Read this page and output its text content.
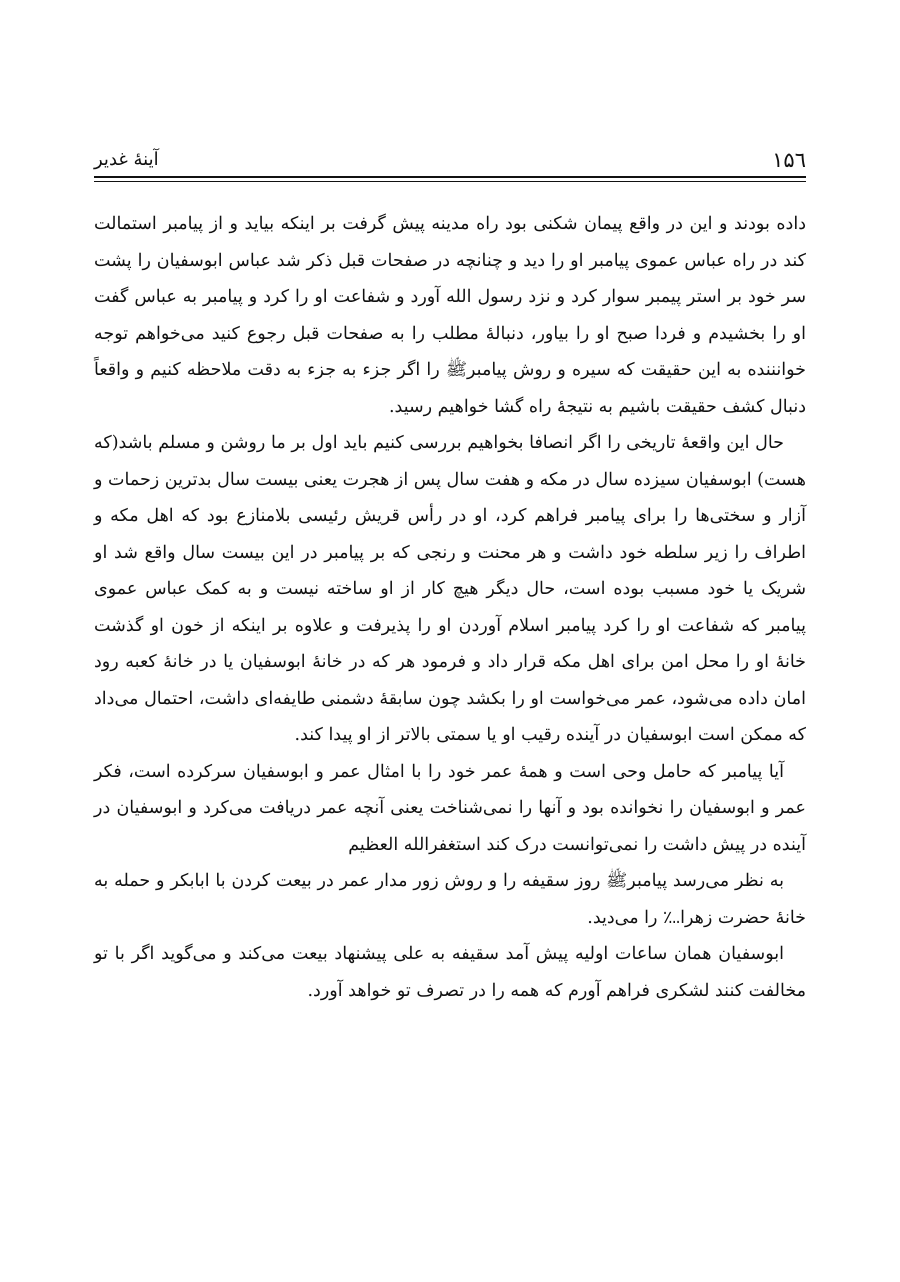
۱۵٦
آینۀ غدیر

داده بودند و این در واقع پیمان شکنی بود راه مدینه پیش گرفت بر اینکه بیاید و از پیامبر استمالت کند در راه عباس عموی پیامبر او را دید و چنانچه در صفحات قبل ذکر شد عباس ابوسفیان را پشت سر خود بر استر پیمبر سوار کرد و نزد رسول الله آورد و شفاعت او را کرد و پیامبر به عباس گفت او را بخشیدم و فردا صبح او را بیاور، دنبالۀ مطلب را به صفحات قبل رجوع کنید می‌خواهم توجه خوانننده به این حقیقت که سیره و روش پیامبرﷺ را اگر جزء به جزء به دقت ملاحظه کنیم و واقعاً دنبال کشف حقیقت باشیم به نتیجۀ راه گشا خواهیم رسید.

حال این واقعۀ تاریخی را اگر انصافا بخواهیم بررسی کنیم باید اول بر ما روشن و مسلم باشد(که هست) ابوسفیان سیزده سال در مکه و هفت سال پس از هجرت یعنی بیست سال بدترین زحمات و آزار و سختی‌ها را برای پیامبر فراهم کرد، او در رأس قریش رئیسی بلامنازع بود که اهل مکه و اطراف را زیر سلطه خود داشت و هر محنت و رنجی که بر پیامبر در این بیست سال واقع شد او شریک یا خود مسبب بوده است، حال دیگر هیچ کار از او ساخته نیست و به کمک عباس عموی پیامبر که شفاعت او را کرد پیامبر اسلام آوردن او را پذیرفت و علاوه بر اینکه از خون او گذشت خانۀ او را محل امن برای اهل مکه قرار داد و فرمود هر که در خانۀ ابوسفیان یا در خانۀ کعبه رود امان داده می‌شود، عمر می‌خواست او را بکشد چون سابقۀ دشمنی طایفه‌ای داشت، احتمال می‌داد که ممکن است ابوسفیان در آینده رقیب او یا سمتی بالاتر از او پیدا کند.

آیا پیامبر که حامل وحی است و همۀ عمر خود را با امثال عمر و ابوسفیان سرکرده است، فکر عمر و ابوسفیان را نخوانده بود و آنها را نمی‌شناخت یعنی آنچه عمر دریافت می‌کرد و ابوسفیان در آینده در پیش داشت را نمی‌توانست درک کند استغفرالله العظیم

به نظر می‌رسد پیامبرﷺ روز سقیفه را و روش زور مدار عمر در بیعت کردن با ابابکر و حمله به خانۀ حضرت زهرا؊ را می‌دید.

ابوسفیان همان ساعات اولیه پیش آمد سقیفه به علی پیشنهاد بیعت می‌کند و می‌گوید اگر با تو مخالفت کنند لشکری فراهم آورم که همه را در تصرف تو خواهد آورد.
